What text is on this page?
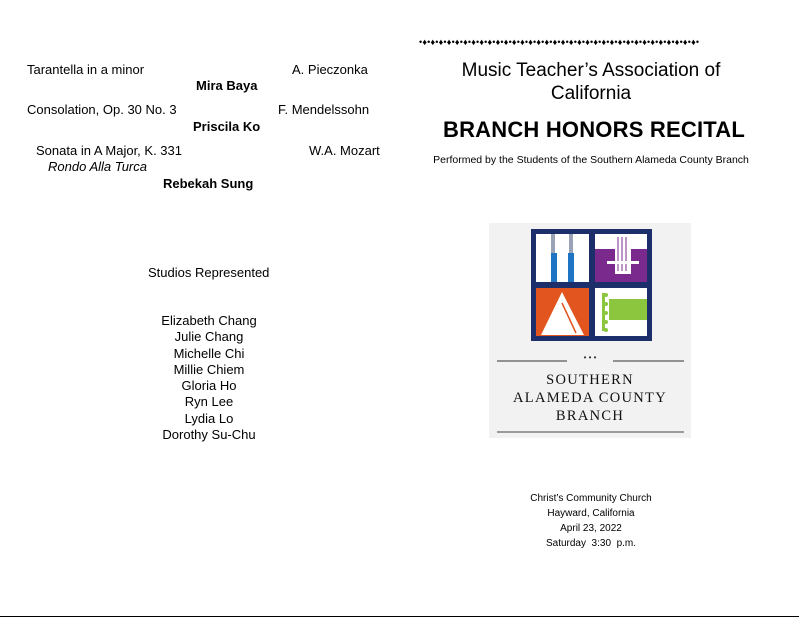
Tarantella in a minor	A. Pieczonka
Mira Baya
Consolation, Op. 30 No. 3	F. Mendelssohn
Priscila Ko
Sonata in A Major, K. 331	W.A. Mozart
Rondo Alla Turca
Rebekah Sung
Studios Represented
Elizabeth Chang
Julie Chang
Michelle Chi
Millie Chiem
Gloria Ho
Ryn Lee
Lydia Lo
Dorothy Su-Chu
•♦•♦•♦•♦•♦•♦•♦•♦•♦•♦•♦•♦•♦•♦•♦•♦•♦•♦•♦•♦•♦•♦•♦•♦•♦•♦•♦•♦•♦•♦•♦•♦•♦•♦•
Music Teacher’s Association of
California
BRANCH HONORS RECITAL
Performed by the Students of the Southern Alameda County Branch
• • •
SOUTHERN
ALAMEDA COUNTY
BRANCH
Christ’s Community Church
Hayward, California
April 23, 2022
Saturday  3:30  p.m.
